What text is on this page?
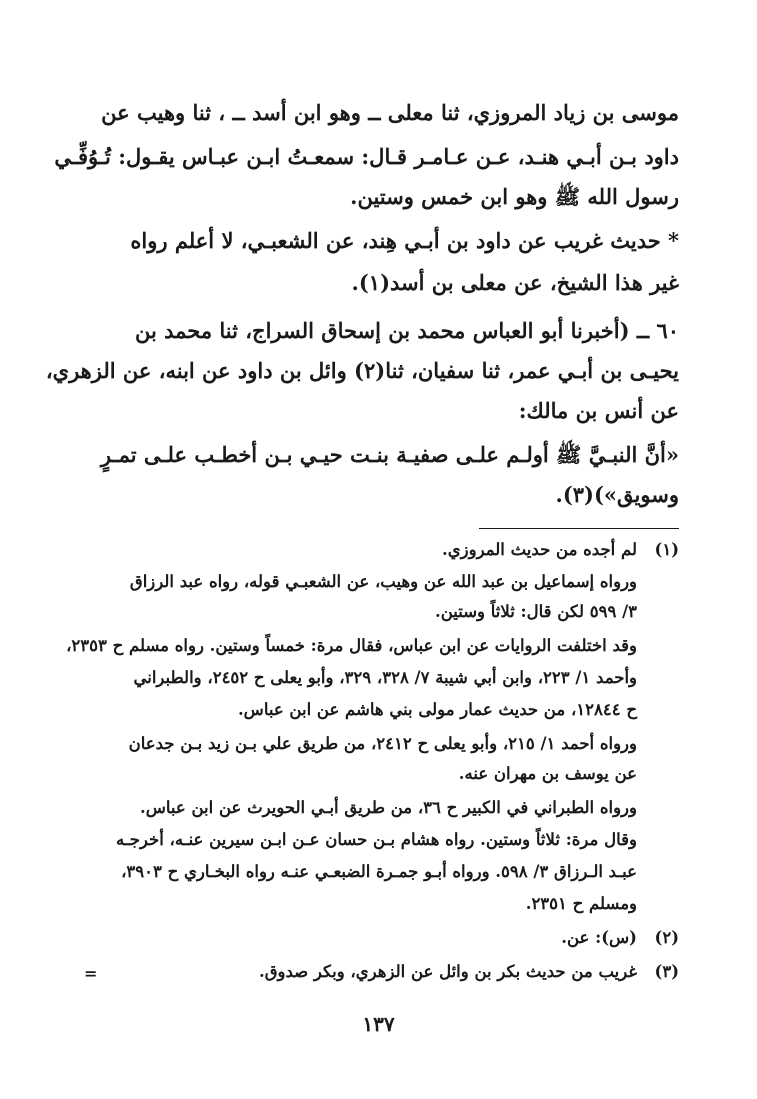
موسى بن زياد المروزي، ثنا معلى ــ وهو ابن أسد ــ ، ثنا وهيب عن
داود بـن أبـي هنـد، عـن عـامـر قـال: سمعـتُ ابـن عبـاس يقـول: تُـوُفِّـي
رسول الله ﷺ وهو ابن خمس وستين.
* حديث غريب عن داود بن أبـي هِند، عن الشعبـي، لا أعلم رواه
غير هذا الشيخ، عن معلى بن أسد(١).
٦٠ ــ (أخبرنا أبو العباس محمد بن إسحاق السراج، ثنا محمد بن
يحيـى بن أبـي عمر، ثنا سفيان، ثنا(٢) وائل بن داود عن ابنه، عن الزهري،
عن أنس بن مالك:
«أنَّ النبـيَّ ﷺ أولـم علـى صفيـة بنـت حيـي بـن أخطـب علـى تمـرٍ
وسويق»)(٣).
(١)
لم أجده من حديث المروزي.
ورواه إسماعيل بن عبد الله عن وهيب، عن الشعبـي قوله، رواه عبد الرزاق
٣/ ٥٩٩ لكن قال: ثلاثاً وستين.
وقد اختلفت الروايات عن ابن عباس، فقال مرة: خمساً وستين. رواه مسلم ح ٢٣٥٣،
وأحمد ١/ ٢٢٣، وابن أبي شيبة ٧/ ٣٢٨، ٣٢٩، وأبو يعلى ح ٢٤٥٢، والطبراني
ح ١٢٨٤٤، من حديث عمار مولى بني هاشم عن ابن عباس.
ورواه أحمد ١/ ٢١٥، وأبو يعلى ح ٢٤١٢، من طريق علي بـن زيد بـن جدعان
عن يوسف بن مهران عنه.
ورواه الطبراني في الكبير ح ٣٦، من طريق أبـي الحويرث عن ابن عباس.
وقال مرة: ثلاثاً وستين. رواه هشام بـن حسان عـن ابـن سيرين عنـه، أخرجـه
عبـد الـرزاق ٣/ ٥٩٨. ورواه أبـو جمـرة الضبعـي عنـه رواه البخـاري ح ٣٩٠٣،
ومسلم ح ٢٣٥١.
(٢)
(س): عن.
(٣)
غريب من حديث بكر بن وائل عن الزهري، وبكر صدوق.
=
١٣٧
